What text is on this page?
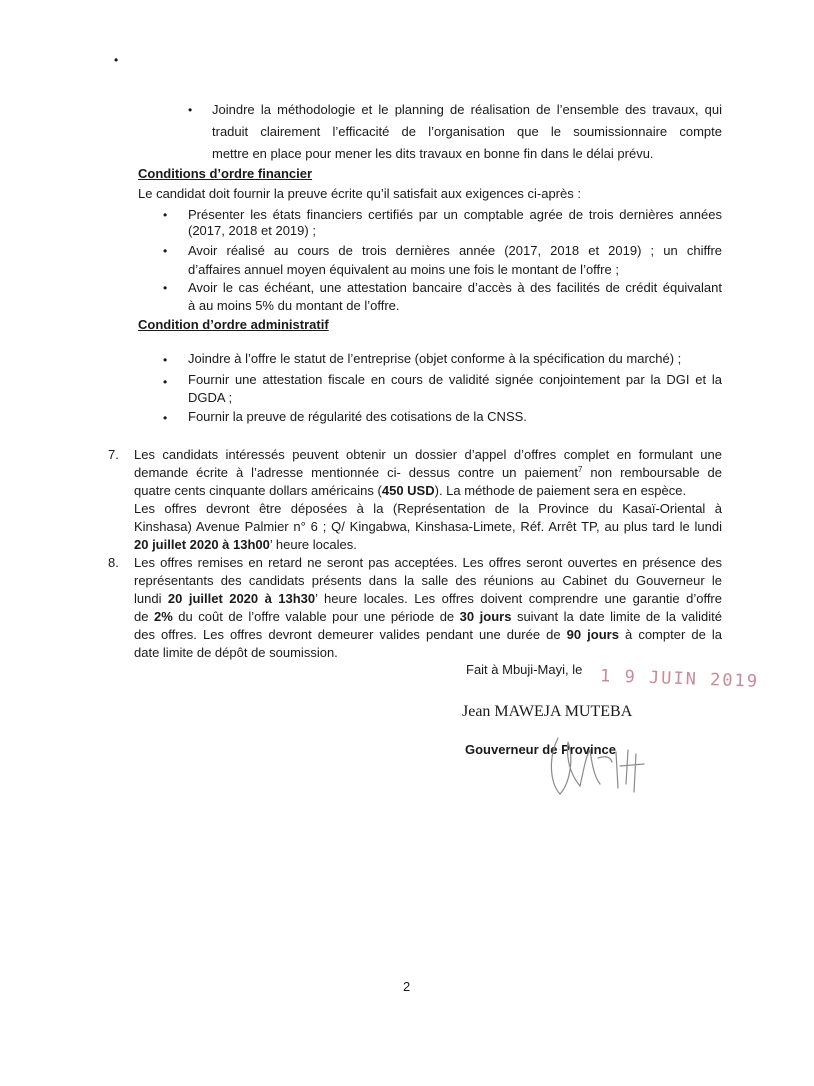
•
• Joindre la méthodologie et le planning de réalisation de l’ensemble des travaux, qui
traduit clairement l’efficacité de l’organisation que le soumissionnaire compte
mettre en place pour mener les dits travaux en bonne fin dans le délai prévu.
Conditions d’ordre financier
Le candidat doit fournir la preuve écrite qu’il satisfait aux exigences ci-après :
• Présenter les états financiers certifiés par un comptable agrée de trois dernières années
(2017, 2018 et 2019) ;
• Avoir réalisé au cours de trois dernières année (2017, 2018 et 2019) ; un chiffre
d’affaires annuel moyen équivalent au moins une fois le montant de l’offre ;
• Avoir le cas échéant, une attestation bancaire d’accès à des facilités de crédit équivalant
à au moins 5% du montant de l’offre.
Condition d’ordre administratif
• Joindre à l’offre le statut de l’entreprise (objet conforme à la spécification du marché) ;
• Fournir une attestation fiscale en cours de validité signée conjointement par la DGI et la
DGDA ;
• Fournir la preuve de régularité des cotisations de la CNSS.
7. Les candidats intéressés peuvent obtenir un dossier d’appel d’offres complet en formulant une
demande écrite à l’adresse mentionnée ci- dessus contre un paiement$^7$ non remboursable de
quatre cents cinquante dollars américains (450 USD). La méthode de paiement sera en espèce.
Les offres devront être déposées à la (Représentation de la Province du Kasaï-Oriental à
Kinshasa) Avenue Palmier n° 6 ; Q/ Kingabwa, Kinshasa-Limete, Réf. Arrêt TP, au plus tard le lundi
20 juillet 2020 à 13h00’ heure locales.
8. Les offres remises en retard ne seront pas acceptées. Les offres seront ouvertes en présence des
représentants des candidats présents dans la salle des réunions au Cabinet du Gouverneur le
lundi 20 juillet 2020 à 13h30’ heure locales. Les offres doivent comprendre une garantie d’offre
de 2% du coût de l’offre valable pour une période de 30 jours suivant la date limite de la validité
des offres. Les offres devront demeurer valides pendant une durée de 90 jours à compter de la
date limite de dépôt de soumission.
Fait à Mbuji-Mayi, le 1 9 JUIN 2019
Jean MAWEJA MUTEBA
Gouverneur de Province
2
